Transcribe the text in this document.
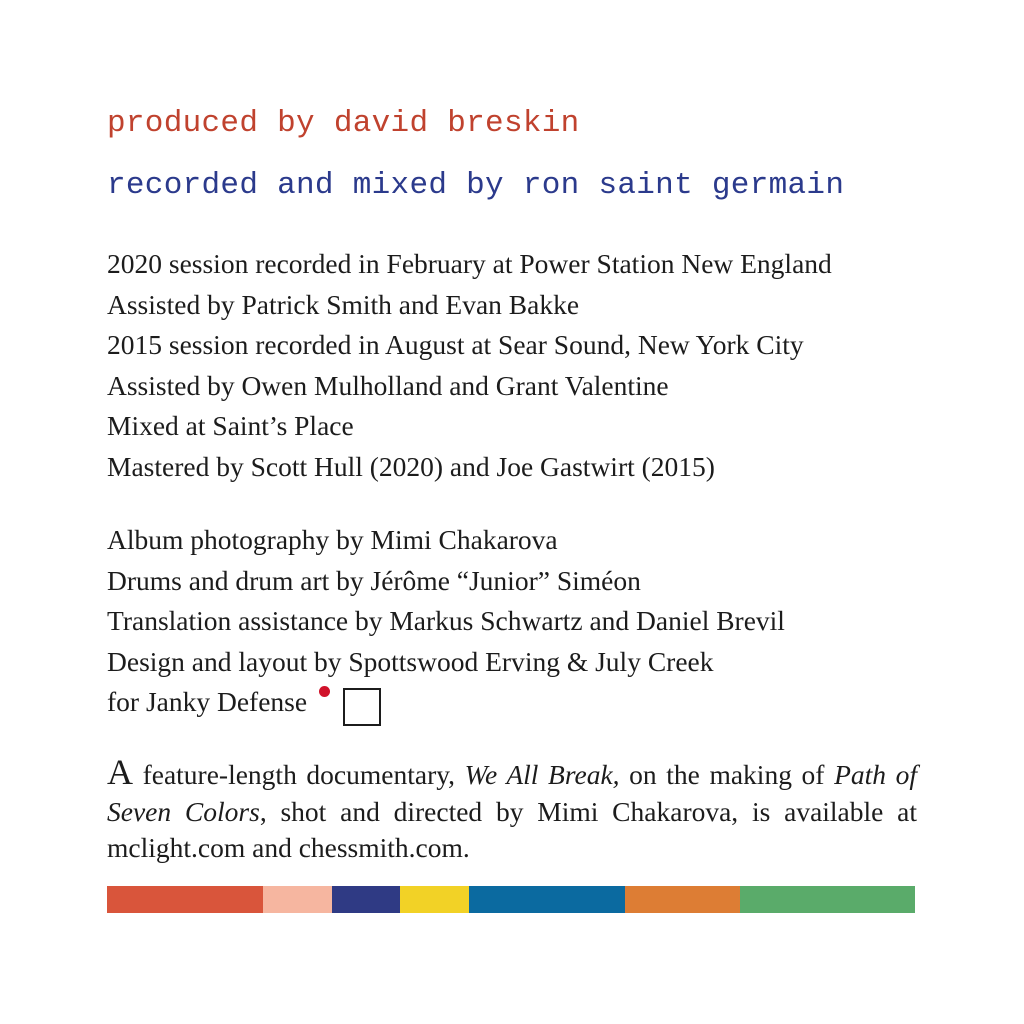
produced by david breskin
recorded and mixed by ron saint germain
2020 session recorded in February at Power Station New England
Assisted by Patrick Smith and Evan Bakke
2015 session recorded in August at Sear Sound, New York City
Assisted by Owen Mulholland and Grant Valentine
Mixed at Saint’s Place
Mastered by Scott Hull (2020) and Joe Gastwirt (2015)
Album photography by Mimi Chakarova
Drums and drum art by Jérôme “Junior” Siméon
Translation assistance by Markus Schwartz and Daniel Brevil
Design and layout by Spottswood Erving & July Creek
for Janky Defense
A feature-length documentary, We All Break, on the making of Path of Seven Colors, shot and directed by Mimi Chakarova, is available at mclight.com and chessmith.com.
